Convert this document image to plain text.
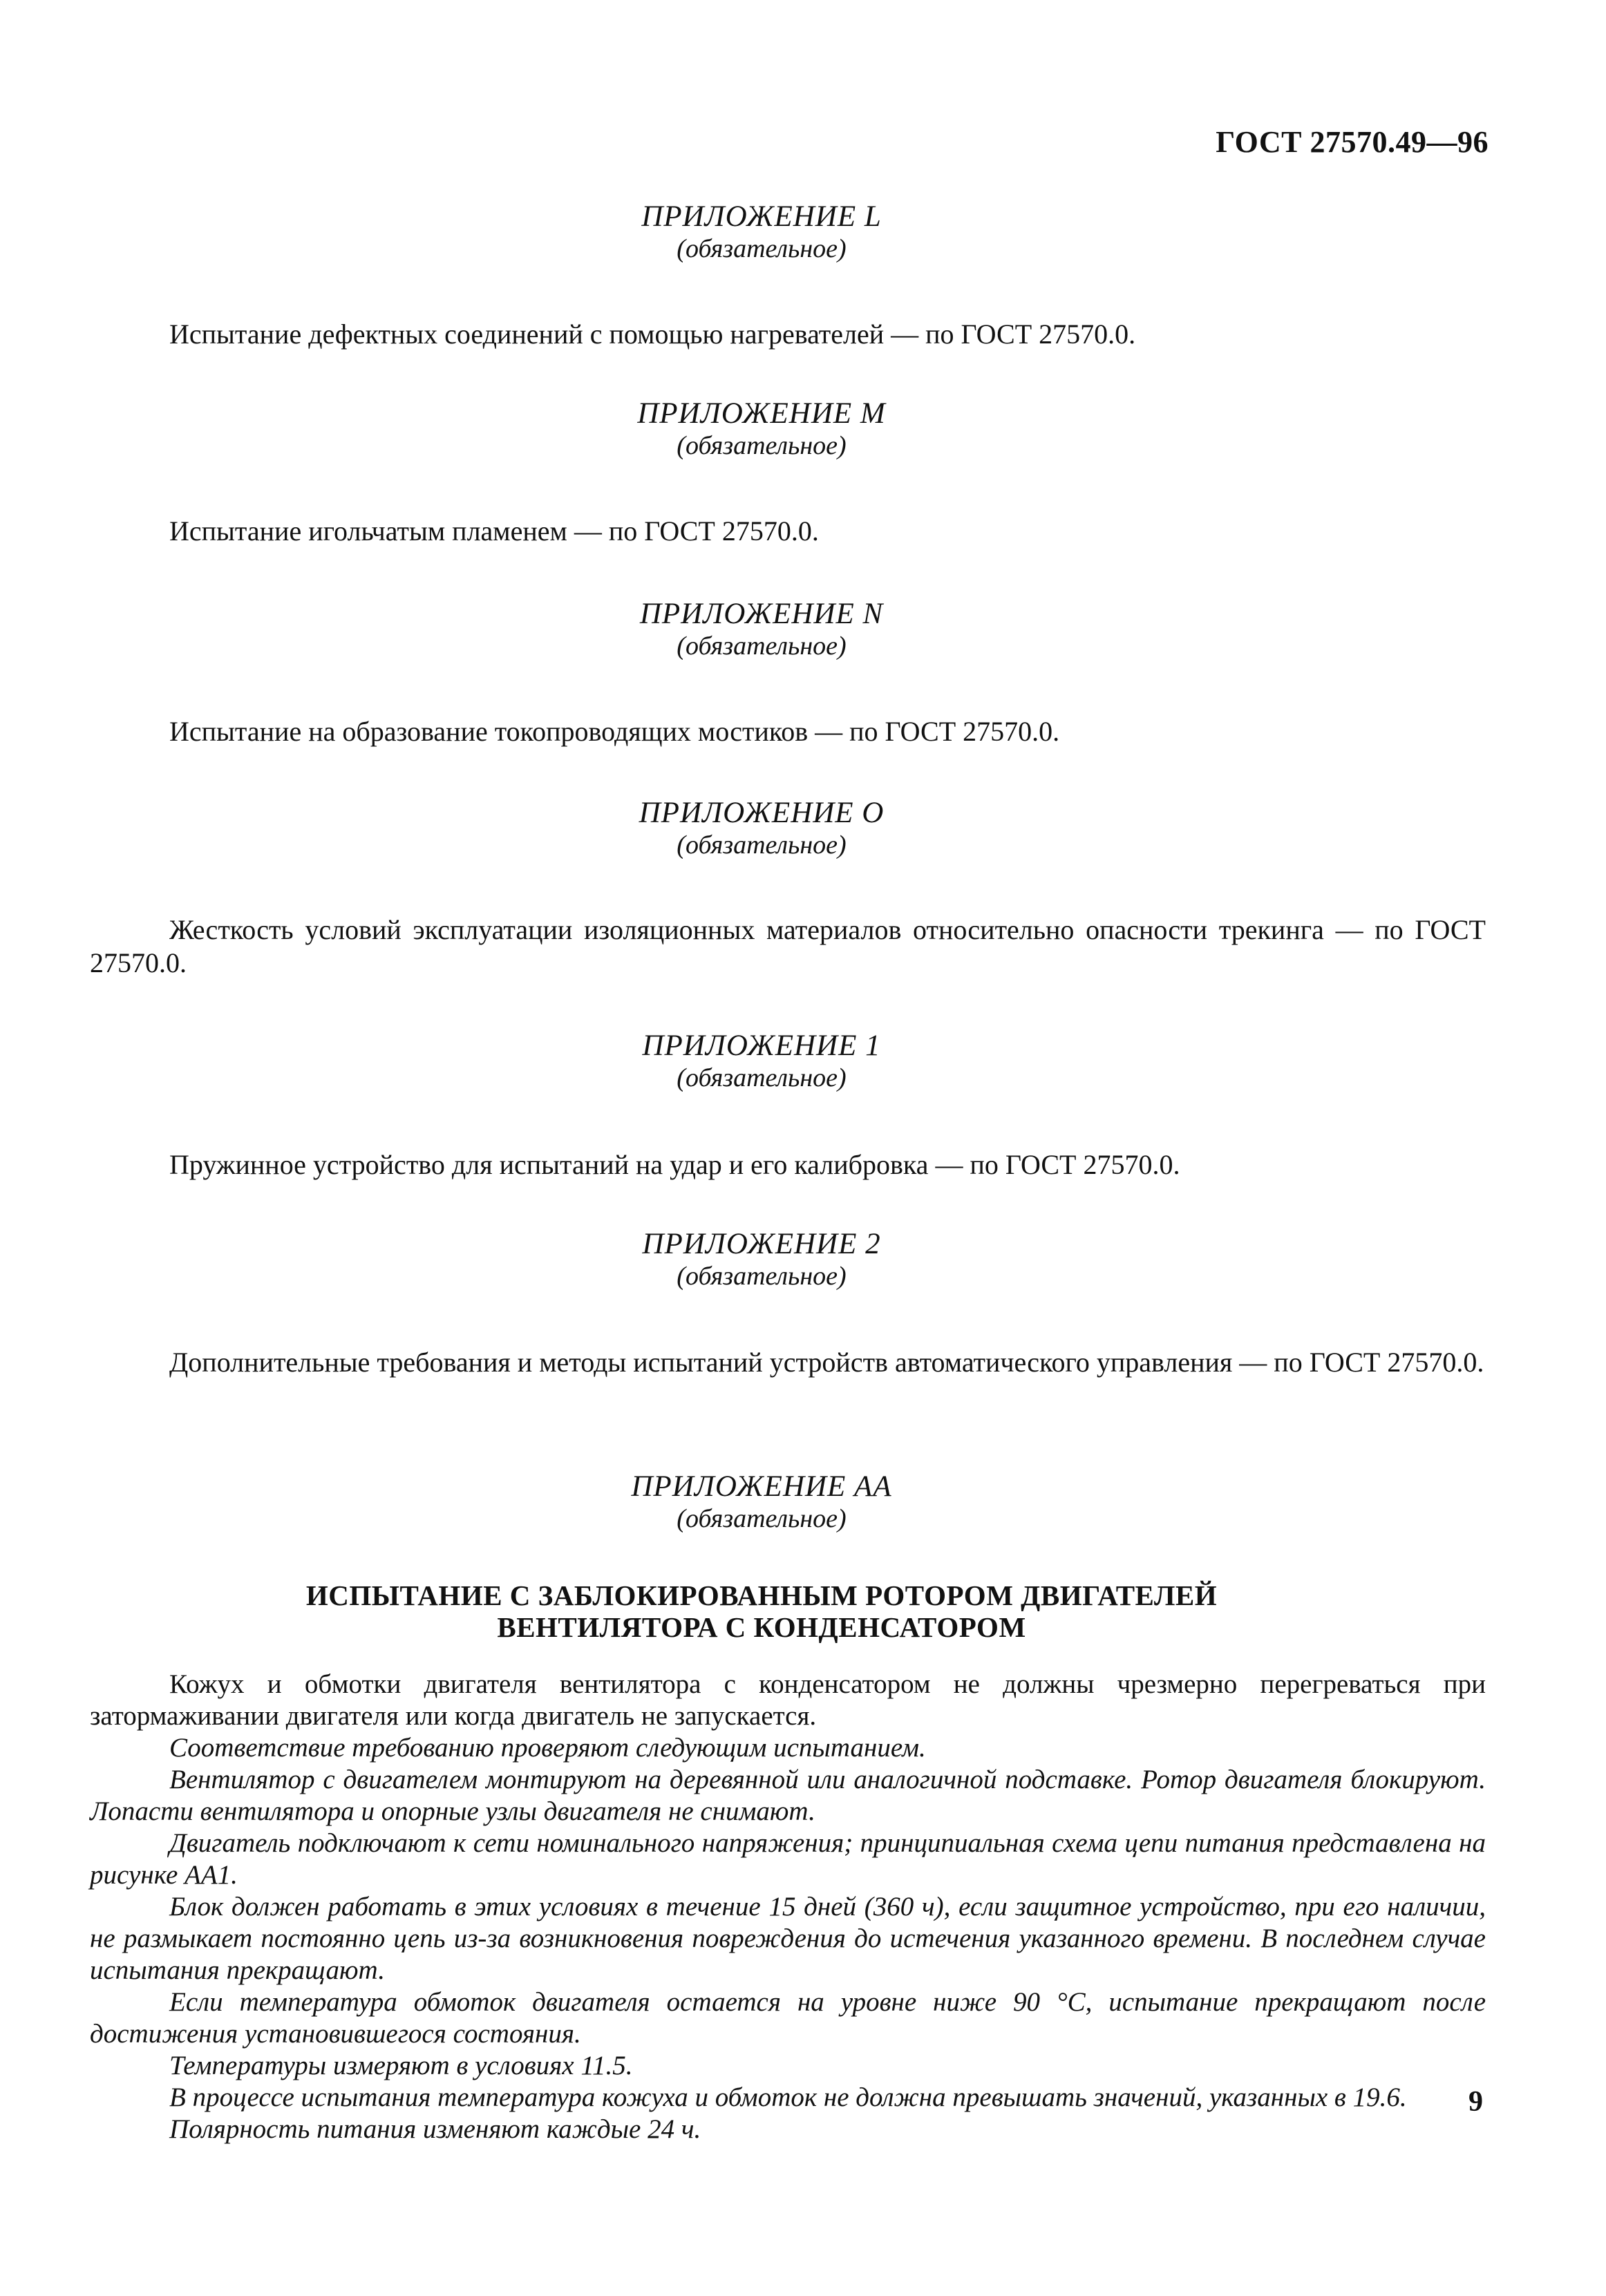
ГОСТ 27570.49—96
ПРИЛОЖЕНИЕ L
(обязательное)
Испытание дефектных соединений с помощью нагревателей — по ГОСТ 27570.0.
ПРИЛОЖЕНИЕ M
(обязательное)
Испытание игольчатым пламенем — по ГОСТ 27570.0.
ПРИЛОЖЕНИЕ N
(обязательное)
Испытание на образование токопроводящих мостиков — по ГОСТ 27570.0.
ПРИЛОЖЕНИЕ O
(обязательное)
Жесткость условий эксплуатации изоляционных материалов относительно опасности трекинга — по ГОСТ 27570.0.
ПРИЛОЖЕНИЕ 1
(обязательное)
Пружинное устройство для испытаний на удар и его калибровка — по ГОСТ 27570.0.
ПРИЛОЖЕНИЕ 2
(обязательное)
Дополнительные требования и методы испытаний устройств автоматического управления — по ГОСТ 27570.0.
ПРИЛОЖЕНИЕ АА
(обязательное)
ИСПЫТАНИЕ С ЗАБЛОКИРОВАННЫМ РОТОРОМ ДВИГАТЕЛЕЙ
ВЕНТИЛЯТОРА С КОНДЕНСАТОРОМ

Кожух и обмотки двигателя вентилятора с конденсатором не должны чрезмерно перегреваться при затормаживании двигателя или когда двигатель не запускается.

Соответствие требованию проверяют следующим испытанием.

Вентилятор с двигателем монтируют на деревянной или аналогичной подставке. Ротор двигателя блокируют. Лопасти вентилятора и опорные узлы двигателя не снимают.

Двигатель подключают к сети номинального напряжения; принципиальная схема цепи питания представлена на рисунке АА1.

Блок должен работать в этих условиях в течение 15 дней (360 ч), если защитное устройство, при его наличии, не размыкает постоянно цепь из-за возникновения повреждения до истечения указанного времени. В последнем случае испытания прекращают.

Если температура обмоток двигателя остается на уровне ниже 90 °С, испытание прекращают после достижения установившегося состояния.

Температуры измеряют в условиях 11.5.

В процессе испытания температура кожуха и обмоток не должна превышать значений, указанных в 19.6.

Полярность питания изменяют каждые 24 ч.

9
